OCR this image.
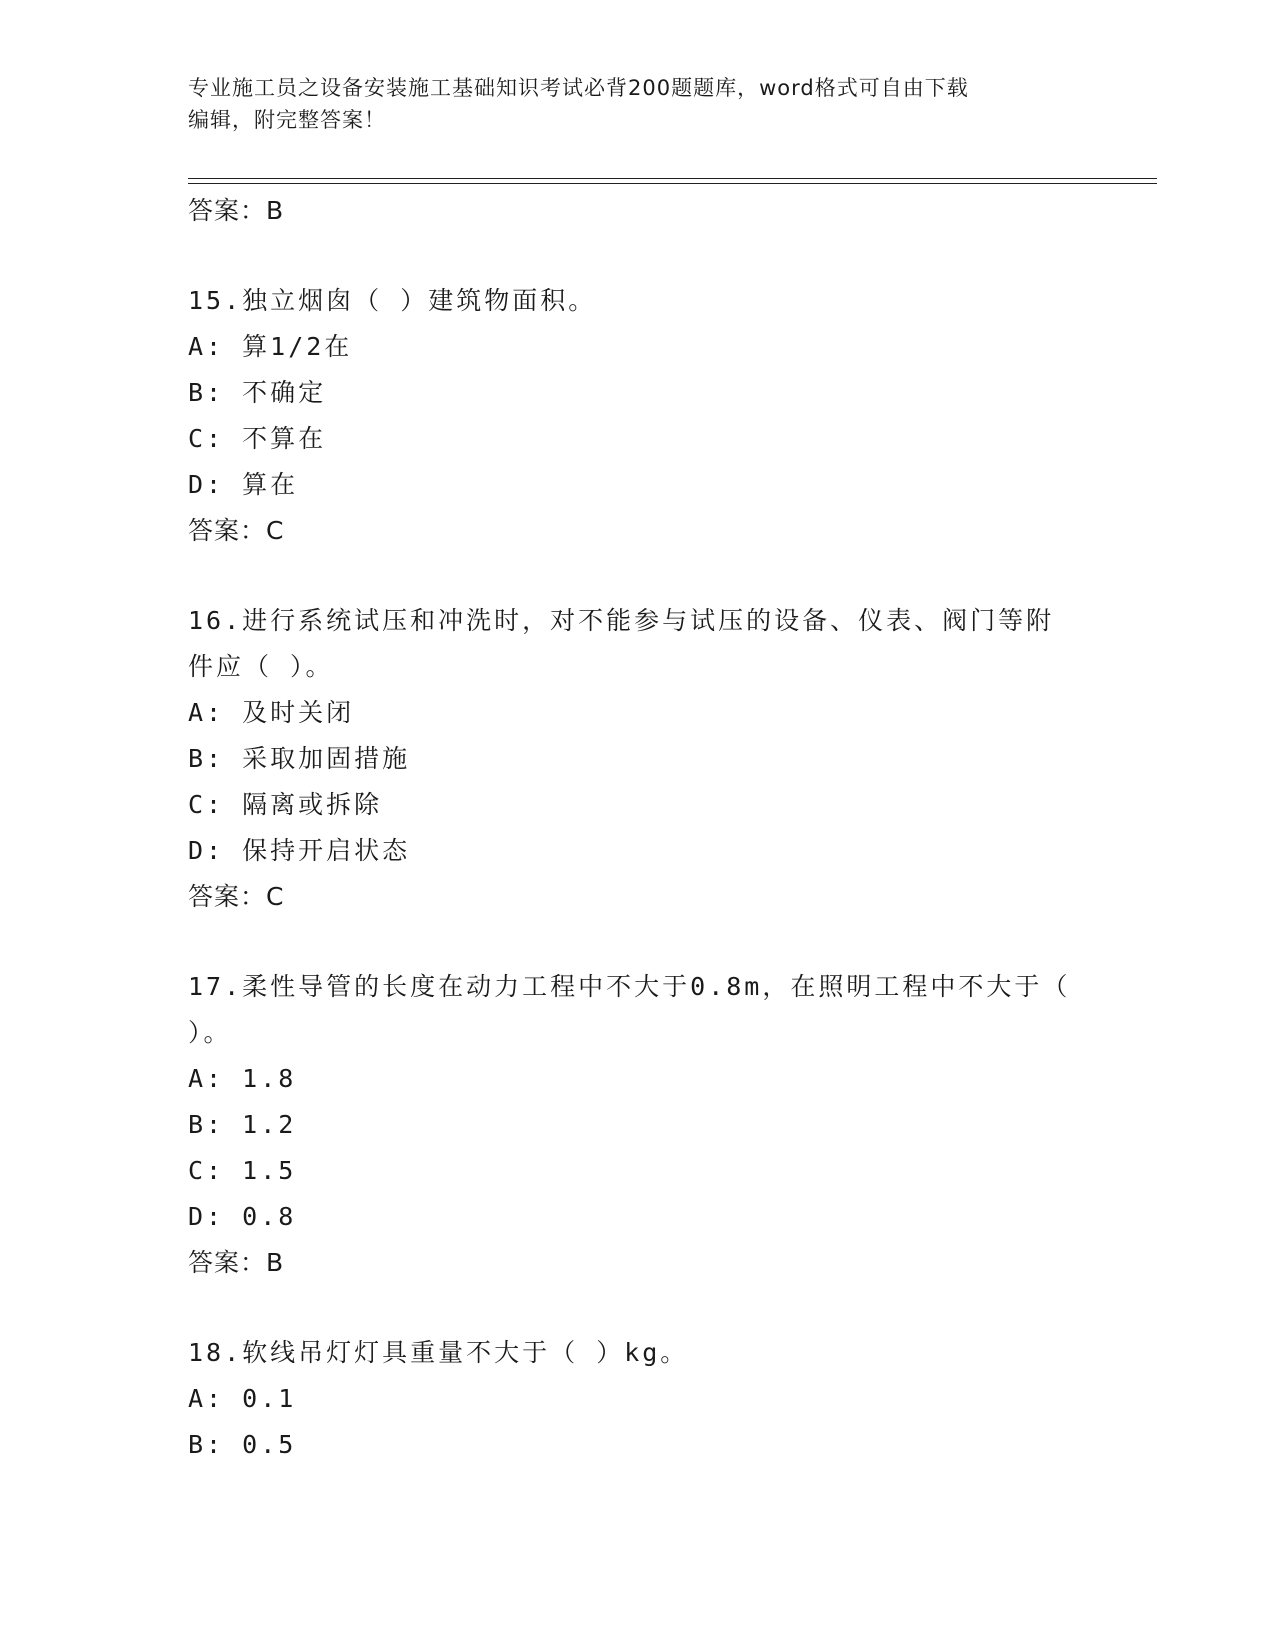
专业施工员之设备安装施工基础知识考试必背200题题库，word格式可自由下载
编辑，附完整答案！

答案：B

15.独立烟囱（ ）建筑物面积。

A: 算1/2在

B: 不确定

C: 不算在

D: 算在

答案：C

16.进行系统试压和冲洗时，对不能参与试压的设备、仪表、阀门等附

件应（ ）。

A: 及时关闭

B: 采取加固措施

C: 隔离或拆除

D: 保持开启状态

答案：C

17.柔性导管的长度在动力工程中不大于0.8m，在照明工程中不大于（

）。

A: 1.8

B: 1.2

C: 1.5

D: 0.8

答案：B

18.软线吊灯灯具重量不大于（ ）kg。

A: 0.1

B: 0.5
